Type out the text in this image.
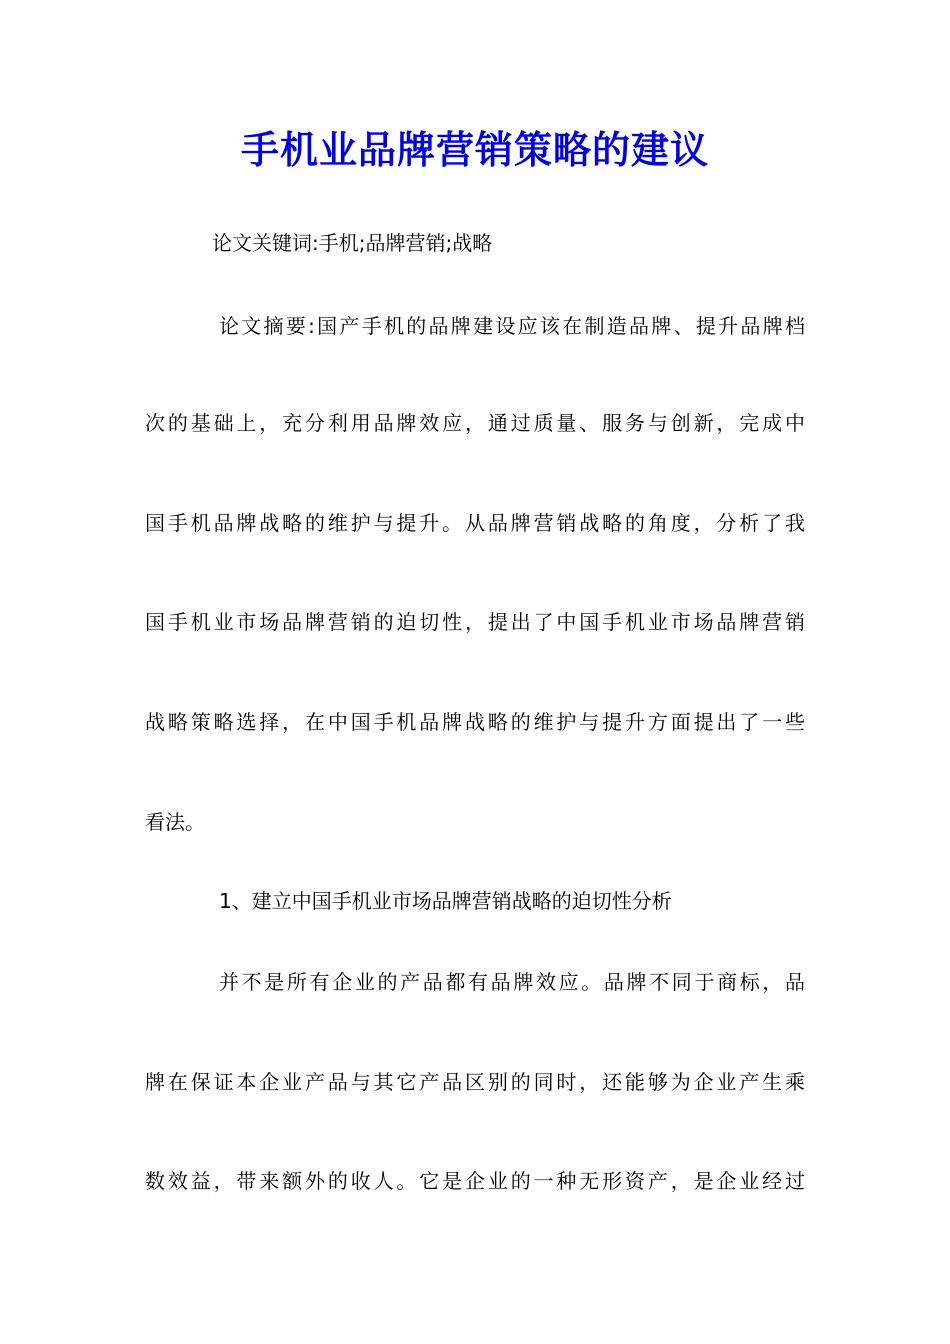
手机业品牌营销策略的建议
论文关键词:手机;品牌营销;战略
论文摘要:国产手机的品牌建设应该在制造品牌、提升品牌档
次的基础上，充分利用品牌效应，通过质量、服务与创新，完成中
国手机品牌战略的维护与提升。从品牌营销战略的角度，分析了我
国手机业市场品牌营销的迫切性，提出了中国手机业市场品牌营销
战略策略选择，在中国手机品牌战略的维护与提升方面提出了一些
看法。
1、建立中国手机业市场品牌营销战略的迫切性分析
并不是所有企业的产品都有品牌效应。品牌不同于商标，品
牌在保证本企业产品与其它产品区别的同时，还能够为企业产生乘
数效益，带来额外的收人。它是企业的一种无形资产，是企业经过
